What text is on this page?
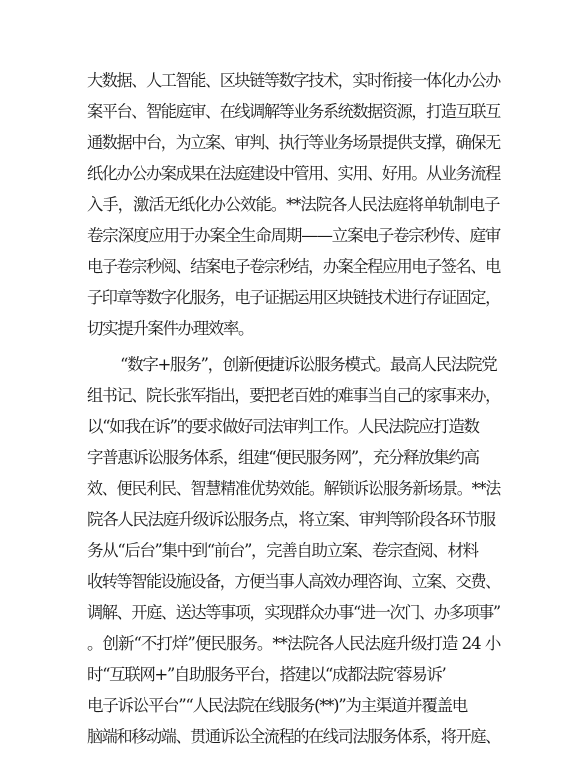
大数据、人工智能、区块链等数字技术，实时衔接一体化办公办
案平台、智能庭审、在线调解等业务系统数据资源，打造互联互
通数据中台，为立案、审判、执行等业务场景提供支撑，确保无
纸化办公办案成果在法庭建设中管用、实用、好用。从业务流程
入手，激活无纸化办公效能。**法院各人民法庭将单轨制电子
卷宗深度应用于办案全生命周期——立案电子卷宗秒传、庭审
电子卷宗秒阅、结案电子卷宗秒结，办案全程应用电子签名、电
子印章等数字化服务，电子证据运用区块链技术进行存证固定，
切实提升案件办理效率。
“数字+服务”，创新便捷诉讼服务模式。最高人民法院党
组书记、院长张军指出，要把老百姓的难事当自己的家事来办，
以“如我在诉”的要求做好司法审判工作。人民法院应打造数
字普惠诉讼服务体系，组建“便民服务网”，充分释放集约高
效、便民利民、智慧精准优势效能。解锁诉讼服务新场景。**法
院各人民法庭升级诉讼服务点，将立案、审判等阶段各环节服
务从“后台”集中到“前台”，完善自助立案、卷宗查阅、材料
收转等智能设施设备，方便当事人高效办理咨询、立案、交费、
调解、开庭、送达等事项，实现群众办事“进一次门、办多项事”
。创新“不打烊”便民服务。**法院各人民法庭升级打造 24 小
时“互联网+”自助服务平台，搭建以“成都法院‘蓉易诉’
电子诉讼平台”“人民法院在线服务(**)”为主渠道并覆盖电
脑端和移动端、贯通诉讼全流程的在线司法服务体系，将开庭、
